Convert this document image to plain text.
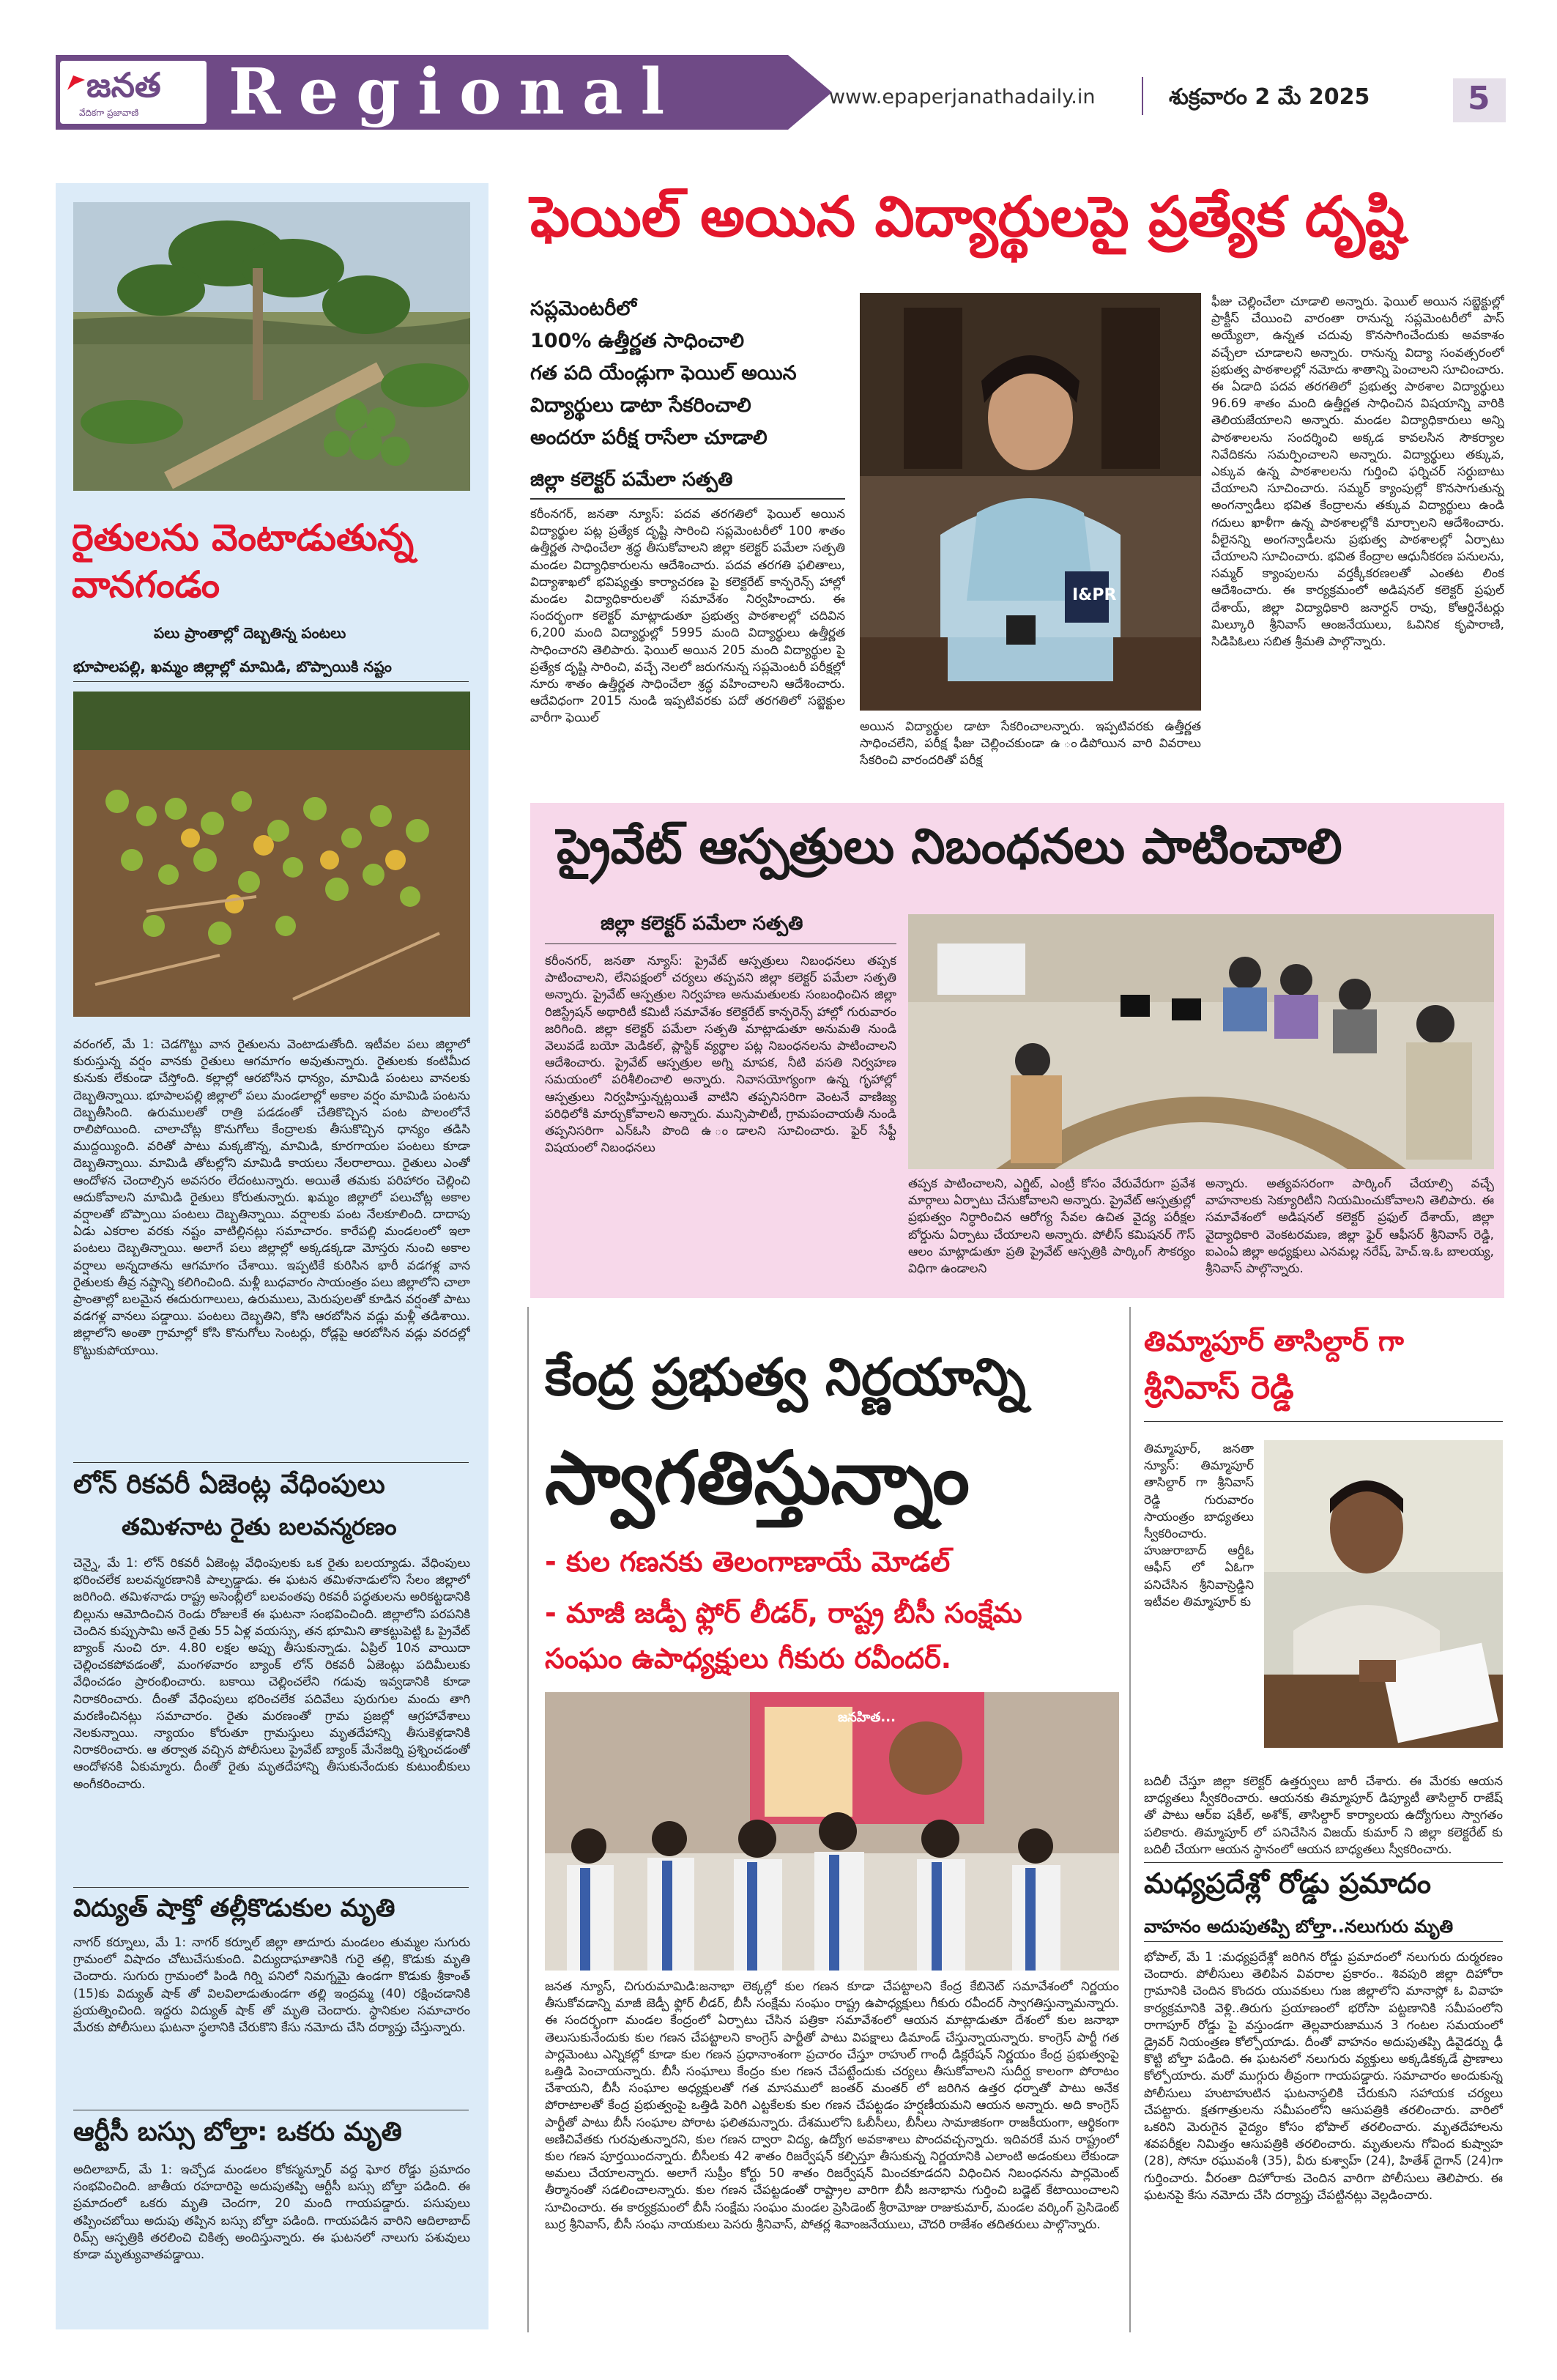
జనత
వేదికగా ప్రజావాణి Regional	www.epaperjanathadaily.in	శుక్రవారం 2 మే 2025	5
రైతులను వెంటాడుతున్న
వానగండం
పలు ప్రాంతాల్లో దెబ్బతిన్న పంటలు
భూపాలపల్లి, ఖమ్మం జిల్లాల్లో మామిడి, బొప్పాయికి నష్టం
వరంగల్, మే 1: చెడగొట్టు వాన రైతులను వెంటాడుతోంది. ఇటీవల పలు జిల్లాలో కురుస్తున్న వర్షం వానకు రైతులు ఆగమాగం అవుతున్నారు. రైతులకు కంటిమీద కునుకు లేకుండా చేస్తోంది. కల్లాల్లో ఆరబోసిన ధాన్యం, మామిడి పంటలు వానలకు దెబ్బతిన్నాయి. భూపాలపల్లి జిల్లాలో పలు మండలాల్లో అకాల వర్షం మామిడి పంటను దెబ్బతీసింది. ఉరుములతో రాత్రి పడడంతో చేతికొచ్చిన పంట పొలంలోనే రాలిపోయింది. చాలాచోట్ల కొనుగోలు కేంద్రాలకు తీసుకొచ్చిన ధాన్యం తడిసి ముద్దయ్యింది. వరితో పాటు మక్కజొన్న, మామిడి, కూరగాయల పంటలు కూడా దెబ్బతిన్నాయి. మామిడి తోటల్లోని మామిడి కాయలు నేలరాలాయి. రైతులు ఎంతో ఆందోళన చెందాల్సిన అవసరం లేదంటున్నారు. అయితే తమకు పరిహారం చెల్లించి ఆదుకోవాలని మామిడి రైతులు కోరుతున్నారు. ఖమ్మం జిల్లాలో పలుచోట్ల అకాల వర్షాలతో బొప్పాయి పంటలు దెబ్బతిన్నాయి. వర్షాలకు పంట నేలకూలింది. దాదాపు ఏడు ఎకరాల వరకు నష్టం వాటిల్లినట్లు సమాచారం. కారేపల్లి మండలంలో ఇలా పంటలు దెబ్బతిన్నాయి. అలాగే పలు జిల్లాల్లో అక్కడక్కడా మోస్తరు నుంచి అకాల వర్షాలు అన్నదాతను ఆగమాగం చేశాయి. ఇప్పటికే కురిసిన భారీ వడగళ్ల వాన రైతులకు తీవ్ర నష్టాన్ని కలిగించింది. మళ్లీ బుధవారం సాయంత్రం పలు జిల్లాలోని చాలా ప్రాంతాల్లో బలమైన ఈదురుగాలులు, ఉరుములు, మెరుపులతో కూడిన వర్షంతో పాటు వడగళ్ల వానలు పడ్డాయి. పంటలు దెబ్బతిని, కోసి ఆరబోసిన వడ్లు మళ్లీ తడిశాయి. జిల్లాలోని అంతా గ్రామాల్లో కోసి కొనుగోలు సెంటర్లు, రోడ్లపై ఆరబోసిన వడ్లు వరదల్లో కొట్టుకుపోయాయి.
లోన్ రికవరీ ఏజెంట్ల వేధింపులు
తమిళనాట రైతు బలవన్మరణం
చెన్నై, మే 1: లోన్ రికవరీ ఏజెంట్ల వేధింపులకు ఒక రైతు బలయ్యాడు. వేధింపులు భరించలేక బలవన్మరణానికి పాల్పడ్డాడు. ఈ ఘటన తమిళనాడులోని సేలం జిల్లాలో జరిగింది. తమిళనాడు రాష్ట్ర అసెంబ్లీలో బలవంతపు రికవరీ పద్ధతులను అరికట్టడానికి బిల్లును ఆమోదించిన రెండు రోజులకే ఈ ఘటనా సంభవించింది. జిల్లాలోని పరపనికి చెందిన కుప్పుసామి అనే రైతు 55 ఏళ్ల వయస్సు, తన భూమిని తాకట్టుపెట్టి ఓ ప్రైవేట్ బ్యాంక్ నుంచి రూ. 4.80 లక్షల అప్పు తీసుకున్నాడు. ఏప్రిల్ 10న వాయిదా చెల్లించకపోవడంతో, మంగళవారం బ్యాంక్ లోన్ రికవరీ ఏజెంట్లు పదిమీలుకు వేధించడం ప్రారంభించారు. బకాయి చెల్లించలేని గడువు ఇవ్వడానికి కూడా నిరాకరించారు. దీంతో వేధింపులు భరించలేక పదివేలు పురుగుల మందు తాగి మరణించినట్లు సమాచారం. రైతు మరణంతో గ్రామ ప్రజల్లో ఆగ్రహావేశాలు నెలకున్నాయి. న్యాయం కోరుతూ గ్రామస్తులు మృతదేహాన్ని తీసుకెళ్లడానికి నిరాకరించారు. ఆ తర్వాత వచ్చిన పోలీసులు ప్రైవేట్ బ్యాంక్ మేనేజర్ని ప్రశ్నించడంతో ఆందోళనకి ఏకుమ్మారు. దీంతో రైతు మృతదేహాన్ని తీసుకునేందుకు కుటుంబీకులు అంగీకరించారు.
విద్యుత్ షాక్తో తల్లీకొడుకుల మృతి
నాగర్ కర్నూలు, మే 1: నాగర్ కర్నూల్ జిల్లా తాదూరు మండలం తుమ్మల సుగురు గ్రామంలో విషాదం చోటుచేసుకుంది. విద్యుదాఘాతానికి గురై తల్లి, కొడుకు మృతి చెందారు. సుగురు గ్రామంలో పిండి గిర్ని పనిలో నిమగ్నమై ఉండగా కొడుకు శ్రీకాంత్ (15)కు విద్యుత్ షాక్ తో విలవిలాడుతుండగా తల్లి ఇంద్రమ్మ (40) రక్షించడానికి ప్రయత్నించింది. ఇద్దరు విద్యుత్ షాక్ తో మృతి చెందారు. స్థానికుల సమాచారం మేరకు పోలీసులు ఘటనా స్థలానికి చేరుకొని కేసు నమోదు చేసి దర్యాప్తు చేస్తున్నారు.
ఆర్టీసీ బస్సు బోల్తా: ఒకరు మృతి
అదిలాబాద్, మే 1: ఇచ్చోడ మండలం కోకస్మన్నూర్ వద్ద ఘోర రోడ్డు ప్రమాదం సంభవించింది. జాతీయ రహదారిపై అదుపుతప్పి ఆర్టీసీ బస్సు బోల్తా పడింది. ఈ ప్రమాదంలో ఒకరు మృతి చెందగా, 20 మంది గాయపడ్డారు. పసుపులు తప్పించబోయి అదుపు తప్పిన బస్సు బోల్తా పడింది. గాయపడిన వారిని ఆదిలాబాద్ రిమ్స్ ఆస్పత్రికి తరలించి చికిత్స అందిస్తున్నారు. ఈ ఘటనలో నాలుగు పశువులు కూడా మృత్యువాతపడ్డాయి.
ఫెయిల్ అయిన విద్యార్థులపై ప్రత్యేక దృష్టి
సప్లమెంటరీలో
100% ఉత్తీర్ణత సాధించాలి
గత పది యేండ్లుగా ఫెయిల్ అయిన
విద్యార్థులు డాటా సేకరించాలి
అందరూ పరీక్ష రాసేలా చూడాలి
జిల్లా కలెక్టర్ పమేలా సత్పతి
కరీంనగర్, జనతా న్యూస్: పదవ తరగతిలో ఫెయిల్ అయిన విద్యార్థుల పట్ల ప్రత్యేక దృష్టి సారించి సప్లమెంటరీలో 100 శాతం ఉత్తీర్ణత సాధించేలా శ్రద్ధ తీసుకోవాలని జిల్లా కలెక్టర్ పమేలా సత్పతి మండల విద్యాధికారులను ఆదేశించారు. పదవ తరగతి ఫలితాలు, విద్యాశాఖలో భవిష్యత్తు కార్యాచరణ పై కలెక్టరేట్ కాన్ఫరెన్స్ హాల్లో మండల విద్యాధికారులతో సమావేశం నిర్వహించారు. ఈ సందర్భంగా కలెక్టర్ మాట్లాడుతూ ప్రభుత్వ పాఠశాలల్లో చదివిన 6,200 మంది విద్యార్థుల్లో 5995 మంది విద్యార్థులు ఉత్తీర్ణత సాధించారని తెలిపారు. ఫెయిల్ అయిన 205 మంది విద్యార్థుల పై ప్రత్యేక దృష్టి సారించి, వచ్చే నెలలో జరుగనున్న సప్లమెంటరీ పరీక్షల్లో నూరు శాతం ఉత్తీర్ణత సాధించేలా శ్రద్ధ వహించాలని ఆదేశించారు. ఆదేవిధంగా 2015 నుండి ఇప్పటివరకు పదో తరగతిలో సబ్జెక్టుల వారీగా ఫెయిల్
I&PR
అయిన విద్యార్థుల డాటా సేకరించాలన్నారు. ఇప్పటివరకు ఉత్తీర్ణత సాధించలేని, పరీక్ష ఫీజు చెల్లించకుండా ఉ ండిపోయిన వారి వివరాలు సేకరించి వారందరితో పరీక్ష
ఫీజు చెల్లించేలా చూడాలి అన్నారు. ఫెయిల్ అయిన సబ్జెక్టుల్లో ప్రాక్టీస్ చేయించి వారంతా రానున్న సప్లమెంటరీలో పాస్ అయ్యేలా, ఉన్నత చదువు కొనసాగించేందుకు అవకాశం వచ్చేలా చూడాలని అన్నారు. రానున్న విద్యా సంవత్సరంలో ప్రభుత్వ పాఠశాలల్లో నమోదు శాతాన్ని పెంచాలని సూచించారు. ఈ ఏడాది పదవ తరగతిలో ప్రభుత్వ పాఠశాల విద్యార్థులు 96.69 శాతం మంది ఉత్తీర్ణత సాధించిన విషయాన్ని వారికి తెలియజేయాలని అన్నారు. మండల విద్యాధికారులు అన్ని పాఠశాలలను సందర్శించి అక్కడ కావలసిన సౌకర్యాల నివేదికను సమర్పించాలని అన్నారు. విద్యార్థులు తక్కువ, ఎక్కువ ఉన్న పాఠశాలలను గుర్తించి ఫర్నిచర్ సర్దుబాటు చేయాలని సూచించారు. సమ్మర్ క్యాంపుల్లో కొనసాగుతున్న అంగన్వాడీలు భవిత కేంద్రాలను తక్కువ విద్యార్థులు ఉండి గదులు ఖాళీగా ఉన్న పాఠశాలల్లోకి మార్చాలని ఆదేశించారు. వీలైనన్ని అంగన్వాడీలను ప్రభుత్వ పాఠశాలల్లో ఏర్పాటు చేయాలని సూచించారు. భవిత కేంద్రాల ఆధునీకరణ పనులను, సమ్మర్ క్యాంపులను వర్తక్కీకరణలతో ఎంతట లింక ఆదేశించారు. ఈ కార్యక్రమంలో అడిషనల్ కలెక్టర్ ప్రఫుల్ దేశాయ్, జిల్లా విద్యాధికారి జనార్దన్ రావు, కోఆర్డినేటర్లు మిల్కూరి శ్రీనివాస్ ఆంజనేయులు, ఓవినిక కృపారాణి, సిడిపిఓలు సబిత శ్రీమతి పాల్గొన్నారు.
ప్రైవేట్ ఆస్పత్రులు నిబంధనలు పాటించాలి
జిల్లా కలెక్టర్ పమేలా సత్పతి
కరీంనగర్, జనతా న్యూస్: ప్రైవేట్ ఆస్పత్రులు నిబంధనలు తప్పక పాటించాలని, లేనిపక్షంలో చర్యలు తప్పవని జిల్లా కలెక్టర్ పమేలా సత్పతి అన్నారు. ప్రైవేట్ ఆస్పత్రుల నిర్వహణ అనుమతులకు సంబంధించిన జిల్లా రిజిస్ట్రేషన్ అథారిటీ కమిటీ సమావేశం కలెక్టరేట్ కాన్ఫరెన్స్ హాల్లో గురువారం జరిగింది. జిల్లా కలెక్టర్ పమేలా సత్పతి మాట్లాడుతూ అనుమతి నుండి వెలువడే బయో మెడికల్, ప్లాస్టిక్ వ్యర్థాల పట్ల నిబంధనలను పాటించాలని ఆదేశించారు. ప్రైవేట్ ఆస్పత్రుల అగ్ని మాపక, నీటి వసతి నిర్వహణ సమయంలో పరిశీలించాలి అన్నారు. నివాసయోగ్యంగా ఉన్న గృహాల్లో ఆస్పత్రులు నిర్వహిస్తున్నట్లయితే వాటిని తప్పనిసరిగా వెంటనే వాణిజ్య పరిధిలోకి మార్చుకోవాలని అన్నారు. మున్సిపాలిటీ, గ్రామపంచాయతీ నుండి తప్పనిసరిగా ఎన్ఓసి పొంది ఉ ండాలని సూచించారు. ఫైర్ సేఫ్టీ విషయంలో నిబంధనలు
తప్పక పాటించాలని, ఎగ్జిట్, ఎంట్రీ కోసం వేరువేరుగా ప్రవేశ మార్గాలు ఏర్పాటు చేసుకోవాలని అన్నారు. ప్రైవేట్ ఆస్పత్రుల్లో ప్రభుత్వం నిర్ధారించిన ఆరోగ్య సేవల ఉచిత వైద్య పరీక్షల బోర్డును ఏర్పాటు చేయాలని అన్నారు. పోలీస్ కమిషనర్ గౌస్ ఆలం మాట్లాడుతూ ప్రతి ప్రైవేట్ ఆస్పత్రికి పార్కింగ్ సౌకర్యం విధిగా ఉండాలని
అన్నారు. అత్యవసరంగా పార్కింగ్ చేయాల్సి వచ్చే వాహనాలకు సెక్యూరిటీని నియమించుకోవాలని తెలిపారు. ఈ సమావేశంలో అడిషనల్ కలెక్టర్ ప్రఫుల్ దేశాయ్, జిల్లా వైద్యాధికారి వెంకటరమణ, జిల్లా ఫైర్ ఆఫీసర్ శ్రీనివాస్ రెడ్డి, ఐఎంఏ జిల్లా అధ్యక్షులు ఎనమల్ల నరేష్, హెచ్.ఇ.ఓ బాలయ్య, శ్రీనివాస్ పాల్గొన్నారు.
కేంద్ర ప్రభుత్వ నిర్ణయాన్ని
స్వాగతిస్తున్నాం
- కుల గణనకు తెలంగాణాయే మోడల్
- మాజీ జడ్పీ ఫ్లోర్ లీడర్, రాష్ట్ర బీసీ సంక్షేమ
సంఘం ఉపాధ్యక్షులు గీకురు రవీందర్.
జనహిత...
జనత న్యూస్, చిగురుమామిడి:జనాభా లెక్కల్లో కుల గణన కూడా చేపట్టాలని కేంద్ర కేబినెట్ సమావేశంలో నిర్ణయం తీసుకోవడాన్ని మాజీ జెడ్పీ ఫ్లోర్ లీడర్, బీసీ సంక్షేమ సంఘం రాష్ట్ర ఉపాధ్యక్షులు గీకురు రవీందర్ స్వాగతిస్తున్నామన్నారు. ఈ సందర్భంగా మండల కేంద్రంలో ఏర్పాటు చేసిన పత్రికా సమావేశంలో ఆయన మాట్లాడుతూ దేశంలో కుల జనాభా తెలుసుకునేందుకు కుల గణన చేపట్టాలని కాంగ్రెస్ పార్టీతో పాటు విపక్షాలు డిమాండ్ చేస్తున్నాయన్నారు. కాంగ్రెస్ పార్టీ గత పార్లమెంటు ఎన్నికల్లో కూడా కుల గణన ప్రధానాంశంగా ప్రచారం చేస్తూ రాహుల్ గాంధీ డిక్లరేషన్ నిర్ణయం కేంద్ర ప్రభుత్వంపై ఒత్తిడి పెంచాయన్నారు. బీసీ సంఘాలు కేంద్రం కుల గణన చేపట్టేందుకు చర్యలు తీసుకోవాలని సుదీర్ఘ కాలంగా పోరాటం చేశాయని, బీసీ సంఘాల అధ్యక్షులతో గత మాసములో జంతర్ మంతర్ లో జరిగిన ఉత్తర ధర్నాతో పాటు అనేక పోరాటాలతో కేంద్ర ప్రభుత్వంపై ఒత్తిడి పెరిగి ఎట్టకేలకు కుల గణన చేపట్టడం హర్షణీయమని ఆయన అన్నారు. అది కాంగ్రెస్ పార్టీతో పాటు బీసీ సంఘాల పోరాట ఫలితమన్నారు. దేశములోని ఓబీసీలు, బీసీలు సామాజికంగా రాజకీయంగా, ఆర్థికంగా అణిచివేతకు గురవుతున్నారని, కుల గణన ద్వారా విద్య, ఉద్యోగ అవకాశాలు పొందవచ్చన్నారు. ఇదివరకే మన రాష్ట్రంలో కుల గణన పూర్తయిందన్నారు. బీసీలకు 42 శాతం రిజర్వేషన్ కల్పిస్తూ తీసుకున్న నిర్ణయానికి ఎలాంటి అడంకులు లేకుండా అమలు చేయాలన్నారు. అలాగే సుప్రీం కోర్టు 50 శాతం రిజర్వేషన్ మించకూడదని విధించిన నిబంధనను పార్లమెంట్ తీర్మానంతో సడలించాలన్నారు. కుల గణన చేపట్టడంతో రాష్ట్రాల వారిగా బీసీ జనాభాను గుర్తించి బడ్జెట్ కేటాయించాలని సూచించారు. ఈ కార్యక్రమంలో బీసీ సంక్షేమ సంఘం మండల ప్రెసిడెంట్ శ్రీరామోజు రాజుకుమార్, మండల వర్కింగ్ ప్రెసిడెంట్ బుర్ర శ్రీనివాస్, బీసీ సంఘ నాయకులు పెసరు శ్రీనివాస్, పోతర్ల శివాంజనేయులు, చౌదరి రాజేశం తదితరులు పాల్గొన్నారు.
తిమ్మాపూర్ తాసిల్దార్ గా
శ్రీనివాస్ రెడ్డి
తిమ్మాపూర్, జనతా న్యూస్: తిమ్మాపూర్ తాసిల్దార్ గా శ్రీనివాస్ రెడ్డి గురువారం సాయంత్రం బాధ్యతలు స్వీకరించారు. హుజురాబాద్ ఆర్డీఓ ఆఫీస్ లో ఏఓగా పనిచేసిన శ్రీనివాస్రెడ్డిని ఇటీవల తిమ్మాపూర్ కు
బదిలీ చేస్తూ జిల్లా కలెక్టర్ ఉత్తర్వులు జారీ చేశారు. ఈ మేరకు ఆయన బాధ్యతలు స్వీకరించారు. ఆయనకు తిమ్మాపూర్ డిప్యూటీ తాసిల్దార్ రాజేష్ తో పాటు ఆర్ఐ షకీల్, అశోక్, తాసిల్దార్ కార్యాలయ ఉద్యోగులు స్వాగతం పలికారు. తిమ్మాపూర్ లో పనిచేసిన విజయ్ కుమార్ ని జిల్లా కలెక్టరేట్ కు బదిలీ చేయగా ఆయన స్థానంలో ఆయన బాధ్యతలు స్వీకరించారు.
మధ్యప్రదేశ్లో రోడ్డు ప్రమాదం
వాహనం అదుపుతప్పి బోల్తా..నలుగురు మృతి
భోపాల్, మే 1 :మధ్యప్రదేశ్లో జరిగిన రోడ్డు ప్రమాదంలో నలుగురు దుర్మరణం చెందారు. పోలీసులు తెలిపిన వివరాల ప్రకారం.. శివపురి జిల్లా దిహోరా గ్రామానికి చెందిన కొందరు యువకులు గుజ జిల్లాలోని మానాస్లో ఓ వివాహ కార్యక్రమానికి వెళ్లి..తిరుగు ప్రయాణంలో భరోసా పట్టణానికి సమీపంలోని రాగాపూర్ రోడ్డు పై వస్తుండగా తెల్లవారుజామున 3 గంటల సమయంలో డ్రైవర్ నియంత్రణ కోల్పోయాడు. దీంతో వాహనం అదుపుతప్పి డివైడర్ను ఢీ కొట్టి బోల్తా పడింది. ఈ ఘటనలో నలుగురు వ్యక్తులు అక్కడికక్కడే ప్రాణాలు కోల్పోయారు. మరో ముగ్గురు తీవ్రంగా గాయపడ్డారు. సమాచారం అందుకున్న పోలీసులు హుటాహుటిన ఘటనాస్థలికి చేరుకుని సహాయక చర్యలు చేపట్టారు. క్షతగాత్రులను సమీపంలోని ఆసుపత్రికి తరలించారు. వారిలో ఒకరిని మెరుగైన వైద్యం కోసం భోపాల్ తరలించారు. మృతదేహాలను శవపరీక్షల నిమిత్తం ఆసుపత్రికి తరలించారు. మృతులను గోవింద కుష్వాహ (28), సోనూ రఘువంశీ (35), వీరు కుశ్వాహ్ (24), హితేశ్ దైగాన్ (24)గా గుర్తించారు. వీరంతా దిహోరాకు చెందిన వారిగా పోలీసులు తెలిపారు. ఈ ఘటనపై కేసు నమోదు చేసి దర్యాప్తు చేపట్టినట్లు వెల్లడించారు.
